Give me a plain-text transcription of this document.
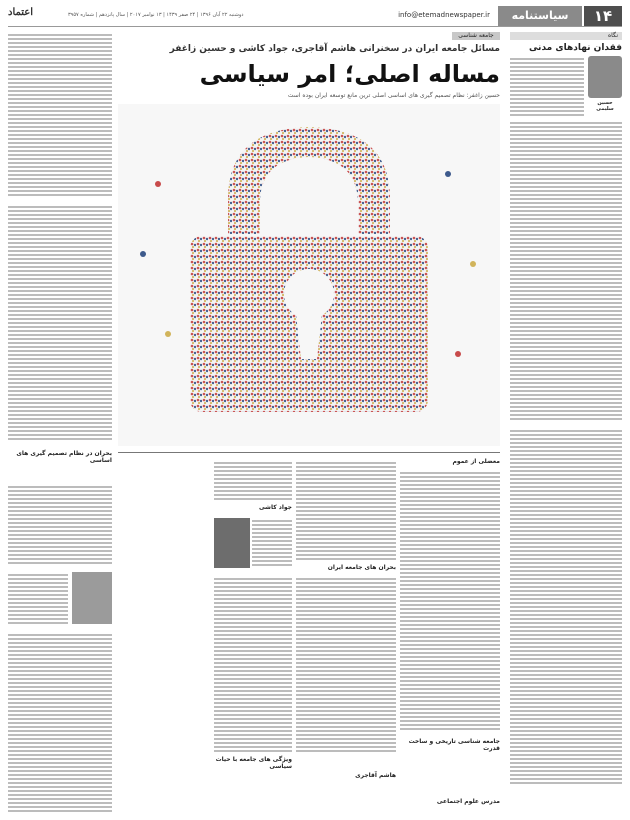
۱۴
سیاستنامه
info@etemadnewspaper.ir
دوشنبه ۲۲ آبان ۱۳۹۶ | ۲۴ صفر ۱۴۳۹ | ۱۳ نوامبر ۲۰۱۷ | سال پانزدهم | شماره ۳۹۵۷
اعتماد
نگاه
فقدان نهادهای مدنی
حسین سلیمی
جامعه شناسی
مسائل جامعه ایران در سخنرانی هاشم آقاجری، جواد کاشی و حسین زاغفر
مساله اصلی؛ امر سیاسی
حسین زاغفر: نظام تصمیم گیری های اساسی اصلی ترین مانع توسعه ایران بوده است
بحران در نظام تصمیم گیری های اساسی	معضلی از عموم
بحران های جامعه ایران
جواد کاشی
جامعه شناسی تاریخی و ساخت قدرت
ویژگی های جامعه با حیات سیاسی
هاشم آقاجری
مدرس علوم اجتماعی
